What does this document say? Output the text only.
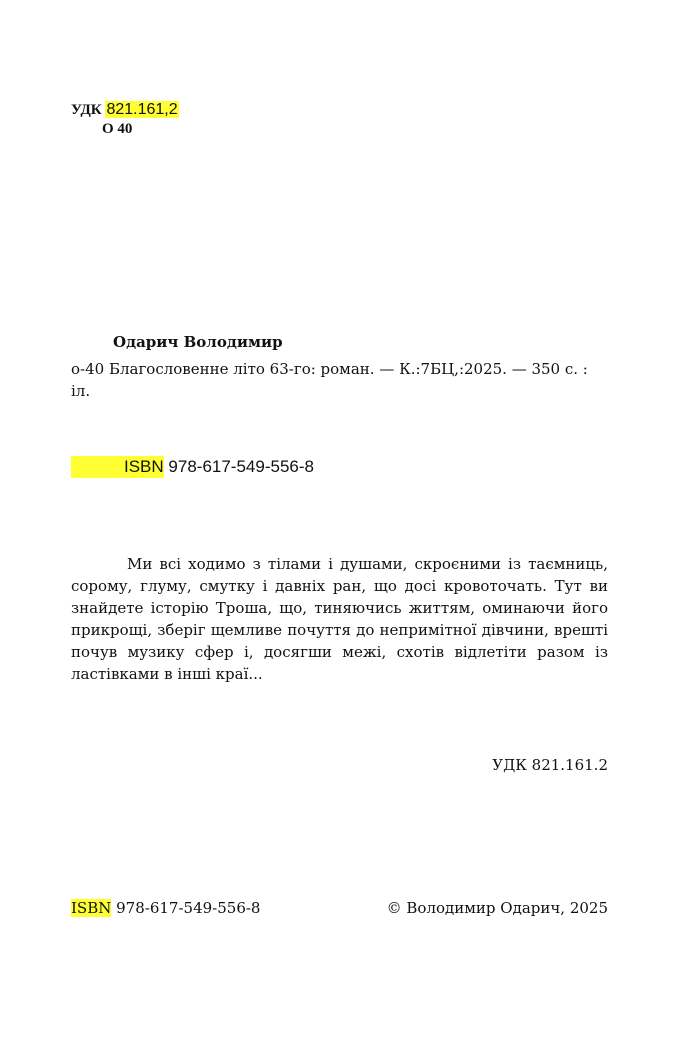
УДК 821.161,2
О 40
Одарич Володимир
о-40 Благословенне літо 63-го: роман. — К.:7БЦ,:2025. — 350 с. : іл.
ISBN 978-617-549-556-8

Ми всі ходимо з тілами і душами, скроєними із таємниць, сорому, глуму, смутку і давніх ран, що досі кровоточать. Тут ви знайдете історію Троша, що, тиняючись життям, оминаючи його прикрощі, зберіг щемливе почуття до непримітної дівчини, врешті почув музику сфер і, досягши межі, схотів відлетіти разом із ластівками в інші краї...

УДК 821.161.2
ISBN 978-617-549-556-8	© Володимир Одарич, 2025
